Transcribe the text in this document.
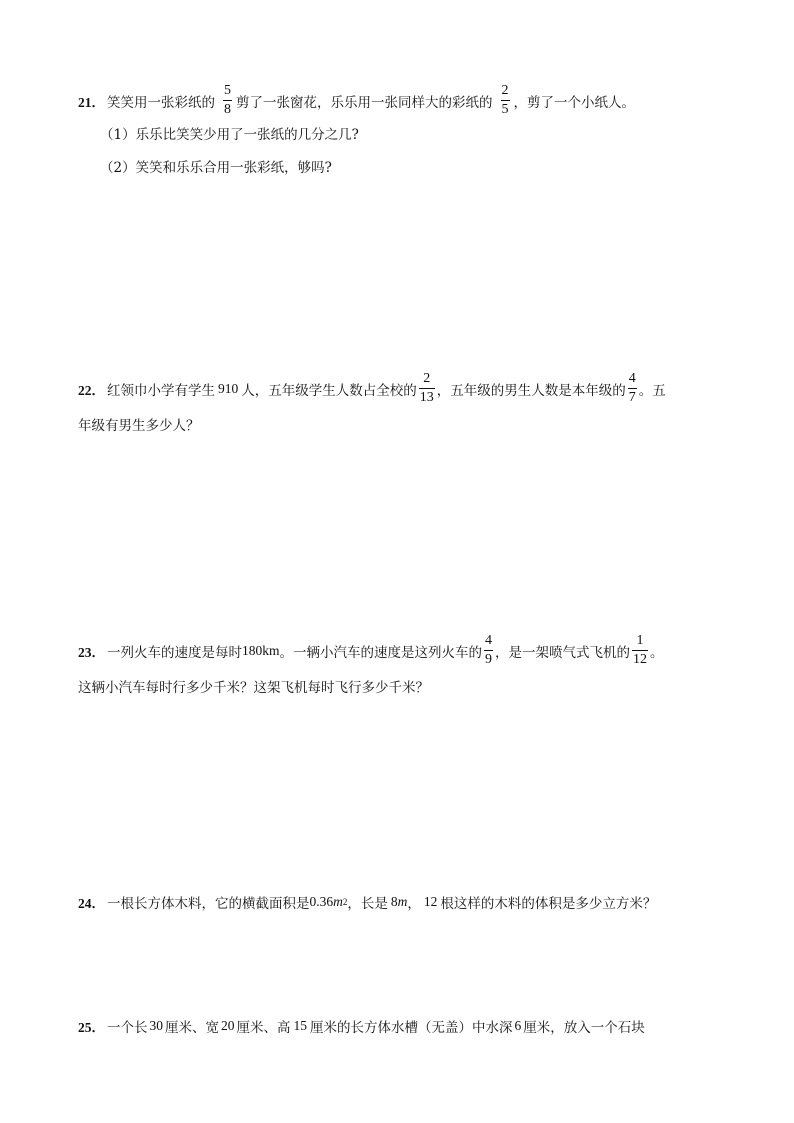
21． 笑笑用一张彩纸的 $\frac{5}{8}$ 剪了一张窗花，乐乐用一张同样大的彩纸的 $\frac{2}{5}$ ，剪了一个小纸人。
（1）乐乐比笑笑少用了一张纸的几分之几?
（2）笑笑和乐乐合用一张彩纸，够吗?
22． 红领巾小学有学生 910 人，五年级学生人数占全校的 $\frac{2}{13}$ ，五年级的男生人数是本年级的 $\frac{4}{7}$ 。五
年级有男生多少人？
23． 一列火车的速度是每时 180km 。一辆小汽车的速度是这列火车的 $\frac{4}{9}$ ，是一架喷气式飞机的 $\frac{1}{12}$ 。
这辆小汽车每时行多少千米？这架飞机每时飞行多少千米？
24． 一根长方体木料，它的横截面积是 0.36 m 2 ，长是 8 m ， 12 根这样的木料的体积是多少立方米？
25． 一个长 30 厘米、宽 20 厘米、高 15 厘米的长方体水槽（无盖）中水深 6 厘米，放入一个石块
